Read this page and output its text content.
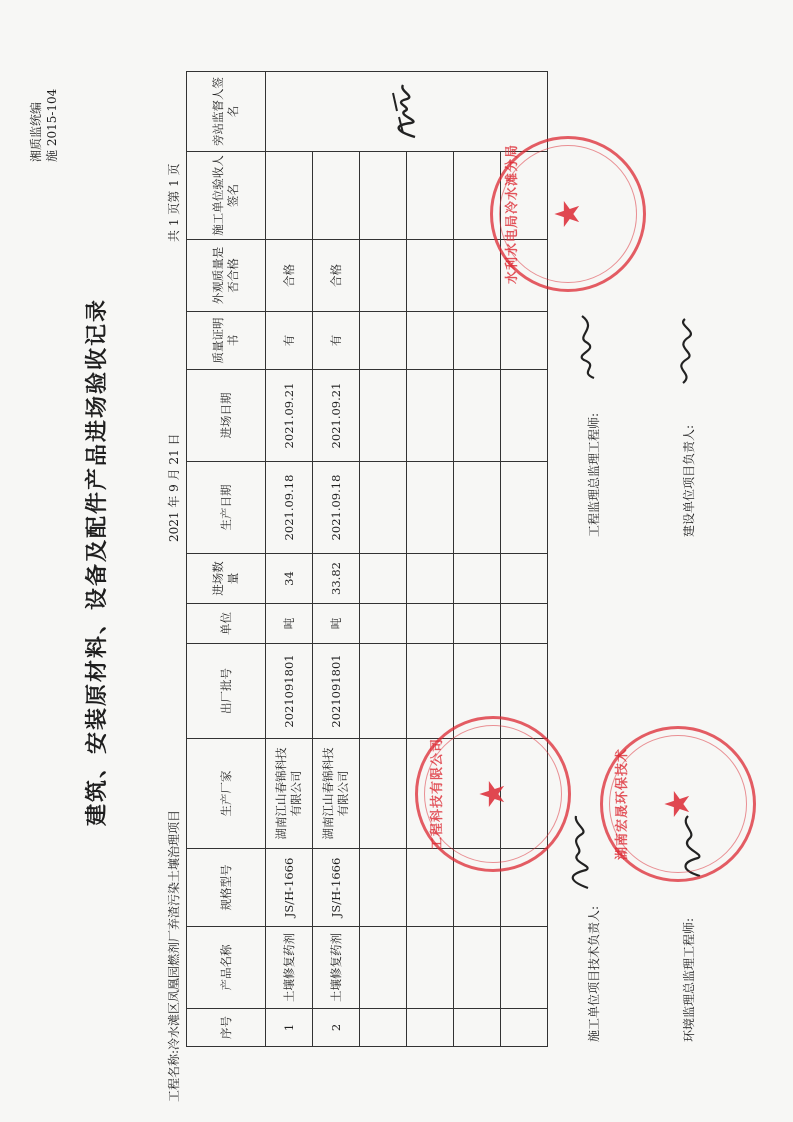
湘质监统编 施 2015-104
建筑、安装原材料、设备及配件产品进场验收记录
工程名称:冷水滩区凤凰园燃剂厂弃渣污染土壤治理项目
2021 年 9 月 21 日
共 1 页第 1 页
序号	产品名称	规格型号	生产厂家	出厂批号	单位	进场数量	生产日期	进场日期	质量证明书	外观质量是否合格	施工单位验收人签名	旁站监督人签名
1	土壤修复药剂	JS/H-1666	湖南江山春锦科技有限公司	2021091801	吨	34	2021.09.18	2021.09.21	有	合格		
2	土壤修复药剂	JS/H-1666	湖南江山春锦科技有限公司	2021091801	吨	33.82	2021.09.18	2021.09.21	有	合格		

施工单位项目技术负责人:
工程监理总监理工程师:
环境监理总监理工程师:
建设单位项目负责人:
水利水电局冷水滩分局 ★
工程科技有限公司 ★	湖南宏晟环保技术 ★
